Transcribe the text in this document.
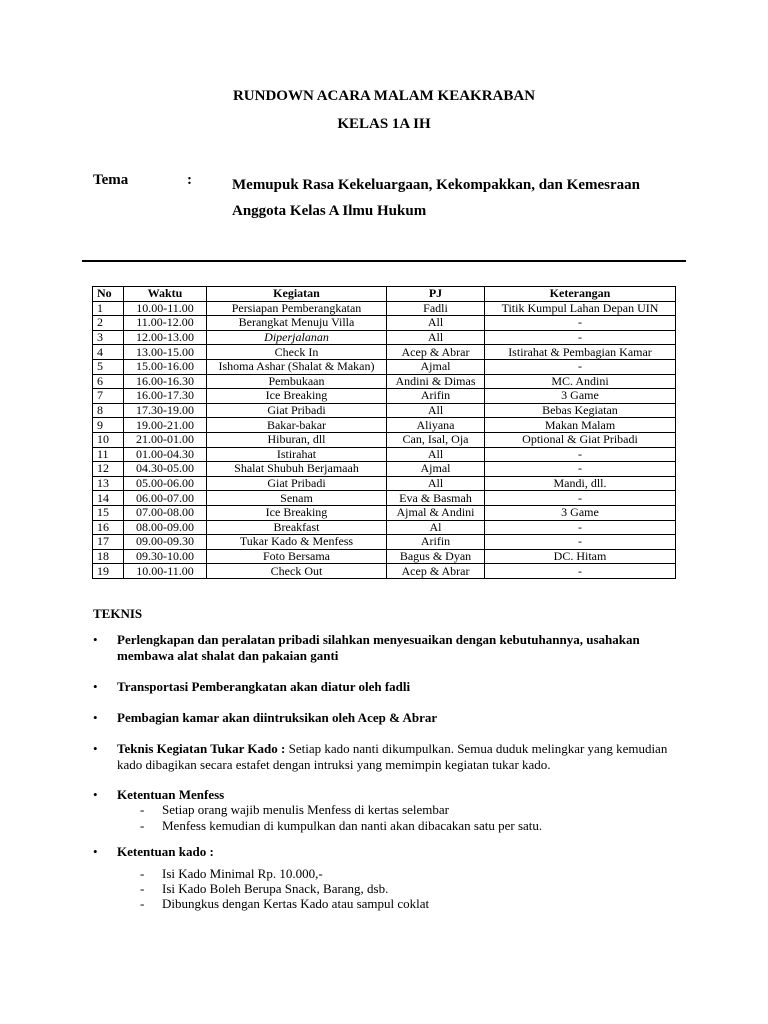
RUNDOWN ACARA MALAM KEAKRABAN
KELAS 1A IH
Tema	:	Memupuk Rasa Kekeluargaan, Kekompakkan, dan Kemesraan Anggota Kelas A Ilmu Hukum
No	Waktu	Kegiatan	PJ	Keterangan
1	10.00-11.00	Persiapan Pemberangkatan	Fadli	Titik Kumpul Lahan Depan UIN
2	11.00-12.00	Berangkat Menuju Villa	All	-
3	12.00-13.00	Diperjalanan	All	-
4	13.00-15.00	Check In	Acep & Abrar	Istirahat & Pembagian Kamar
5	15.00-16.00	Ishoma Ashar (Shalat & Makan)	Ajmal	-
6	16.00-16.30	Pembukaan	Andini & Dimas	MC. Andini
7	16.00-17.30	Ice Breaking	Arifin	3 Game
8	17.30-19.00	Giat Pribadi	All	Bebas Kegiatan
9	19.00-21.00	Bakar-bakar	Aliyana	Makan Malam
10	21.00-01.00	Hiburan, dll	Can, Isal, Oja	Optional & Giat Pribadi
11	01.00-04.30	Istirahat	All	-
12	04.30-05.00	Shalat Shubuh Berjamaah	Ajmal	-
13	05.00-06.00	Giat Pribadi	All	Mandi, dll.
14	06.00-07.00	Senam	Eva & Basmah	-
15	07.00-08.00	Ice Breaking	Ajmal & Andini	3 Game
16	08.00-09.00	Breakfast	Al	-
17	09.00-09.30	Tukar Kado & Menfess	Arifin	-
18	09.30-10.00	Foto Bersama	Bagus & Dyan	DC. Hitam
19	10.00-11.00	Check Out	Acep & Abrar	-
TEKNIS
• Perlengkapan dan peralatan pribadi silahkan menyesuaikan dengan kebutuhannya, usahakan membawa alat shalat dan pakaian ganti
• Transportasi Pemberangkatan akan diatur oleh fadli
• Pembagian kamar akan diintruksikan oleh Acep & Abrar
• Teknis Kegiatan Tukar Kado : Setiap kado nanti dikumpulkan. Semua duduk melingkar yang kemudian kado dibagikan secara estafet dengan intruksi yang memimpin kegiatan tukar kado.
• Ketentuan Menfess
- Setiap orang wajib menulis Menfess di kertas selembar
- Menfess kemudian di kumpulkan dan nanti akan dibacakan satu per satu.
• Ketentuan kado :
- Isi Kado Minimal Rp. 10.000,-
- Isi Kado Boleh Berupa Snack, Barang, dsb.
- Dibungkus dengan Kertas Kado atau sampul coklat
